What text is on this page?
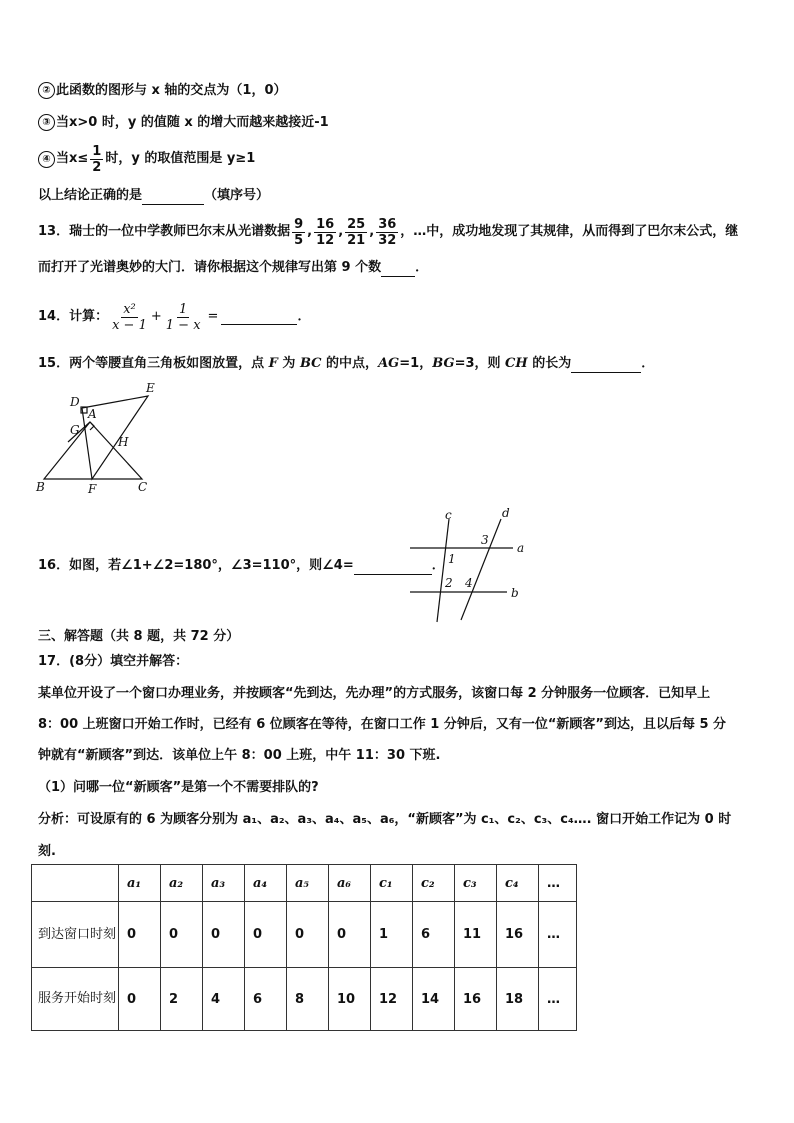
② 此函数的图形与 x 轴的交点为（1，0）
③ 当x>0 时，y 的值随 x 的增大而越来越接近-1
④ 当$x\le \frac{1}{2}$ 时，y 的取值范围是 y≥1
以上结论正确的是	（填序号）
13．瑞士的一位中学教师巴尔末从光谱数据 $\frac{9}{5}$ , $\frac{16}{12}$ , $\frac{25}{21}$ , $\frac{36}{32}$ ，…中，成功地发现了其规律，从而得到了巴尔末公式，继
而打开了光谱奥妙的大门．请你根据这个规律写出第 9 个数	．
14．计算： $\frac{\text{x²}}{x - 1} + \frac{1}{1 - x}$ =	．
15．两个等腰直角三角板如图放置，点 F 为 BC 的中点，AG=1，BG=3，则 CH 的长为	．
D
E
A
G
H
B	F	C
16．如图，若∠1+∠2=180°，∠3=110°，则∠4=	．
c	d
a
b
1
2
3
4
三、解答题（共 8 题，共 72 分）
17．(8分）填空并解答：
某单位开设了一个窗口办理业务，并按顾客“先到达，先办理”的方式服务，该窗口每 2 分钟服务一位顾客．已知早上
8：00 上班窗口开始工作时，已经有 6 位顾客在等待，在窗口工作 1 分钟后，又有一位“新顾客”到达，且以后每 5 分
钟就有“新顾客”到达．该单位上午 8：00 上班，中午 11：30 下班.
（1）问哪一位“新顾客”是第一个不需要排队的?
分析：可设原有的 6 为顾客分别为 a₁、a₂、a₃、a₄、a₅、a₆，“新顾客”为 c₁、c₂、c₃、c₄…. 窗口开始工作记为 0 时
刻.
	a₁	a₂	a₃	a₄	a₅	a₆	c₁	c₂	c₃	c₄	…
到达窗口时刻	0	0	0	0	0	0	1	6	11	16	…
服务开始时刻	0	2	4	6	8	10	12	14	16	18	…
